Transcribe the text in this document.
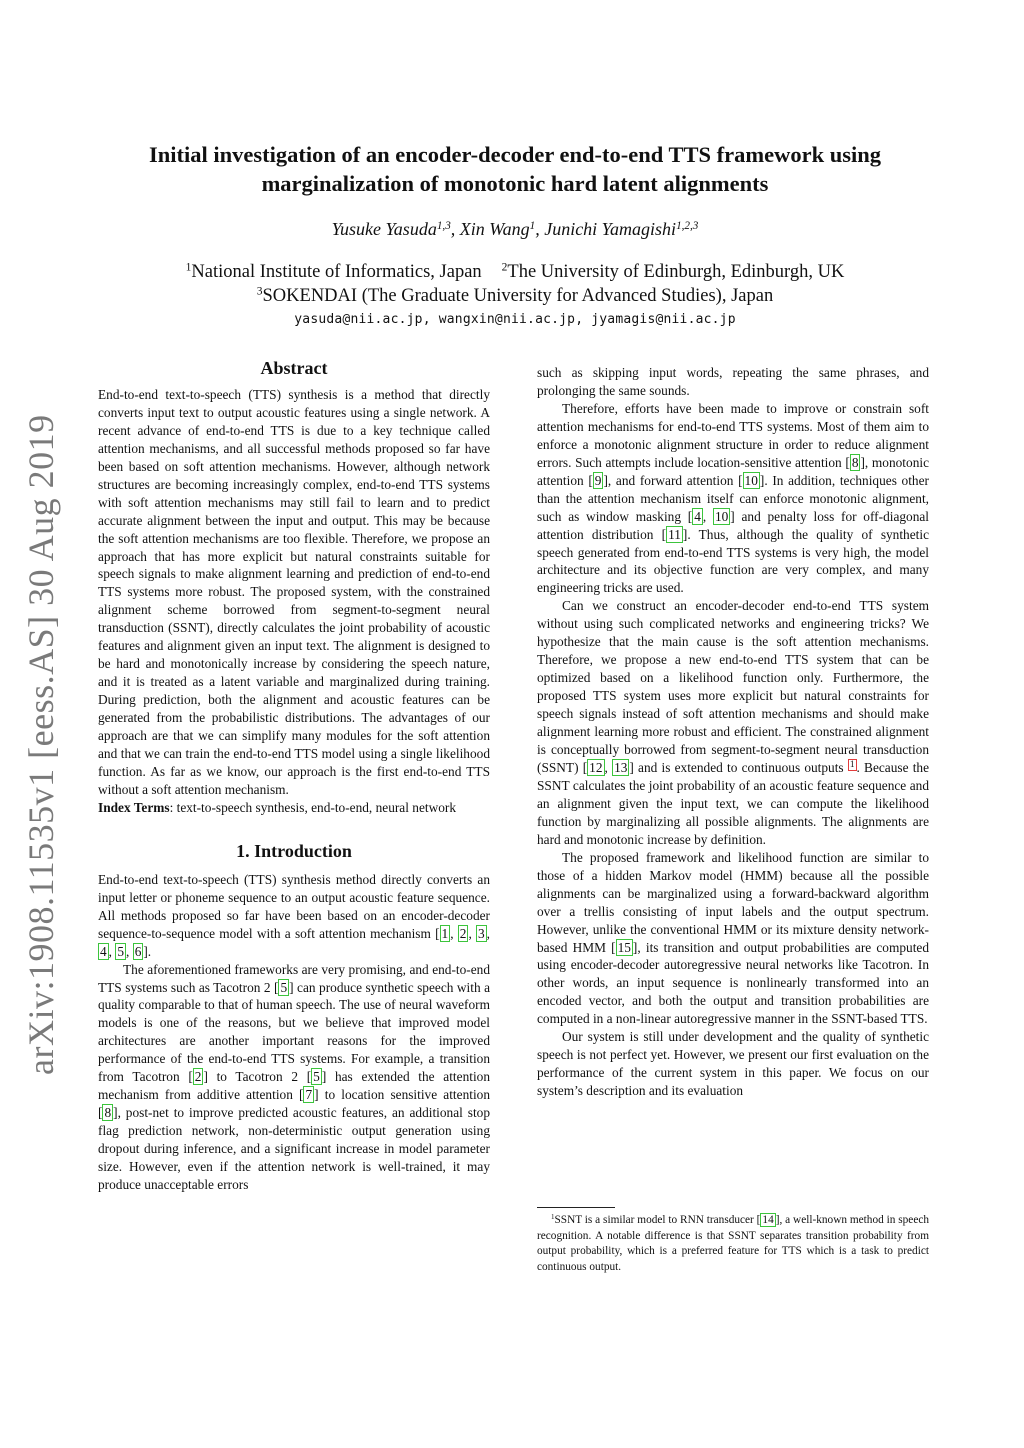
arXiv:1908.11535v1 [eess.AS] 30 Aug 2019
Initial investigation of an encoder-decoder end-to-end TTS framework using marginalization of monotonic hard latent alignments
Yusuke Yasuda$^{1,3}$, Xin Wang$^1$, Junichi Yamagishi$^{1,2,3}$
$^1$National Institute of Informatics, Japan $^2$The University of Edinburgh, Edinburgh, UK
$^3$SOKENDAI (The Graduate University for Advanced Studies), Japan
yasuda@nii.ac.jp, wangxin@nii.ac.jp, jyamagis@nii.ac.jp
Abstract

End-to-end text-to-speech (TTS) synthesis is a method that directly converts input text to output acoustic features using a single network. A recent advance of end-to-end TTS is due to a key technique called attention mechanisms, and all successful methods proposed so far have been based on soft attention mechanisms. However, although network structures are becoming increasingly complex, end-to-end TTS systems with soft attention mechanisms may still fail to learn and to predict accurate alignment between the input and output. This may be because the soft attention mechanisms are too flexible. Therefore, we propose an approach that has more explicit but natural constraints suitable for speech signals to make alignment learning and prediction of end-to-end TTS systems more robust. The proposed system, with the constrained alignment scheme borrowed from segment-to-segment neural transduction (SSNT), directly calculates the joint probability of acoustic features and alignment given an input text. The alignment is designed to be hard and monotonically increase by considering the speech nature, and it is treated as a latent variable and marginalized during training. During prediction, both the alignment and acoustic features can be generated from the probabilistic distributions. The advantages of our approach are that we can simplify many modules for the soft attention and that we can train the end-to-end TTS model using a single likelihood function. As far as we know, our approach is the first end-to-end TTS without a soft attention mechanism.

Index Terms: text-to-speech synthesis, end-to-end, neural network

1. Introduction

End-to-end text-to-speech (TTS) synthesis method directly converts an input letter or phoneme sequence to an output acoustic feature sequence. All methods proposed so far have been based on an encoder-decoder sequence-to-sequence model with a soft attention mechanism [ 1 , 2 , 3 , 4 , 5 , 6 ].

The aforementioned frameworks are very promising, and end-to-end TTS systems such as Tacotron 2 [ 5 ] can produce synthetic speech with a quality comparable to that of human speech. The use of neural waveform models is one of the reasons, but we believe that improved model architectures are another important reasons for the improved performance of the end-to-end TTS systems. For example, a transition from Tacotron [ 2 ] to Tacotron 2 [ 5 ] has extended the attention mechanism from additive attention [ 7 ] to location sensitive attention [ 8 ], post-net to improve predicted acoustic features, an additional stop flag prediction network, non-deterministic output generation using dropout during inference, and a significant increase in model parameter size. However, even if the attention network is well-trained, it may produce unacceptable errors

such as skipping input words, repeating the same phrases, and prolonging the same sounds.

Therefore, efforts have been made to improve or constrain soft attention mechanisms for end-to-end TTS systems. Most of them aim to enforce a monotonic alignment structure in order to reduce alignment errors. Such attempts include location-sensitive attention [ 8 ], monotonic attention [ 9 ], and forward attention [ 10 ]. In addition, techniques other than the attention mechanism itself can enforce monotonic alignment, such as window masking [ 4 , 10 ] and penalty loss for off-diagonal attention distribution [ 11 ]. Thus, although the quality of synthetic speech generated from end-to-end TTS systems is very high, the model architecture and its objective function are very complex, and many engineering tricks are used.

Can we construct an encoder-decoder end-to-end TTS system without using such complicated networks and engineering tricks? We hypothesize that the main cause is the soft attention mechanisms. Therefore, we propose a new end-to-end TTS system that can be optimized based on a likelihood function only. Furthermore, the proposed TTS system uses more explicit but natural constraints for speech signals instead of soft attention mechanisms and should make alignment learning more robust and efficient. The constrained alignment is conceptually borrowed from segment-to-segment neural transduction (SSNT) [ 12 , 13 ] and is extended to continuous outputs $^1$ . Because the SSNT calculates the joint probability of an acoustic feature sequence and an alignment given the input text, we can compute the likelihood function by marginalizing all possible alignments. The alignments are hard and monotonic increase by definition.

The proposed framework and likelihood function are similar to those of a hidden Markov model (HMM) because all the possible alignments can be marginalized using a forward-backward algorithm over a trellis consisting of input labels and the output spectrum. However, unlike the conventional HMM or its mixture density network-based HMM [ 15 ], its transition and output probabilities are computed using encoder-decoder autoregressive neural networks like Tacotron. In other words, an input sequence is nonlinearly transformed into an encoded vector, and both the output and transition probabilities are computed in a non-linear autoregressive manner in the SSNT-based TTS.

Our system is still under development and the quality of synthetic speech is not perfect yet. However, we present our first evaluation on the performance of the current system in this paper. We focus on our system’s description and its evaluation

$^1$SSNT is a similar model to RNN transducer [ 14 ], a well-known method in speech recognition. A notable difference is that SSNT separates transition probability from output probability, which is a preferred feature for TTS which is a task to predict continuous output.
